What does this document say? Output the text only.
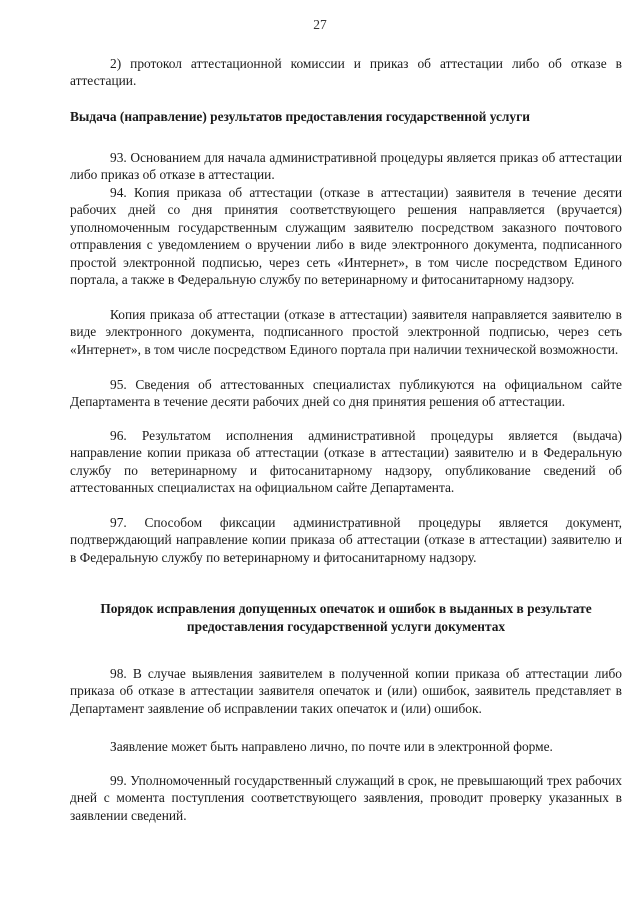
27

2) протокол аттестационной комиссии и приказ об аттестации либо об отказе в аттестации.

Выдача (направление) результатов предоставления государственной услуги

93. Основанием для начала административной процедуры является приказ об аттестации либо приказ об отказе в аттестации.

94. Копия приказа об аттестации (отказе в аттестации) заявителя в течение десяти рабочих дней со дня принятия соответствующего решения направляется (вручается) уполномоченным государственным служащим заявителю посредством заказного почтового отправления с уведомлением о вручении либо в виде электронного документа, подписанного простой электронной подписью, через сеть «Интернет», в том числе посредством Единого портала, а также в Федеральную службу по ветеринарному и фитосанитарному надзору.

Копия приказа об аттестации (отказе в аттестации) заявителя направляется заявителю в виде электронного документа, подписанного простой электронной подписью, через сеть «Интернет», в том числе посредством Единого портала при наличии технической возможности.

95. Сведения об аттестованных специалистах публикуются на официальном сайте Департамента в течение десяти рабочих дней со дня принятия решения об аттестации.

96. Результатом исполнения административной процедуры является (выдача) направление копии приказа об аттестации (отказе в аттестации) заявителю и в Федеральную службу по ветеринарному и фитосанитарному надзору, опубликование сведений об аттестованных специалистах на официальном сайте Департамента.

97. Способом фиксации административной процедуры является документ, подтверждающий направление копии приказа об аттестации (отказе в аттестации) заявителю и в Федеральную службу по ветеринарному и фитосанитарному надзору.

Порядок исправления допущенных опечаток и ошибок в выданных в результате предоставления государственной услуги документах

98. В случае выявления заявителем в полученной копии приказа об аттестации либо приказа об отказе в аттестации заявителя опечаток и (или) ошибок, заявитель представляет в Департамент заявление об исправлении таких опечаток и (или) ошибок.

Заявление может быть направлено лично, по почте или в электронной форме.

99. Уполномоченный государственный служащий в срок, не превышающий трех рабочих дней с момента поступления соответствующего заявления, проводит проверку указанных в заявлении сведений.
